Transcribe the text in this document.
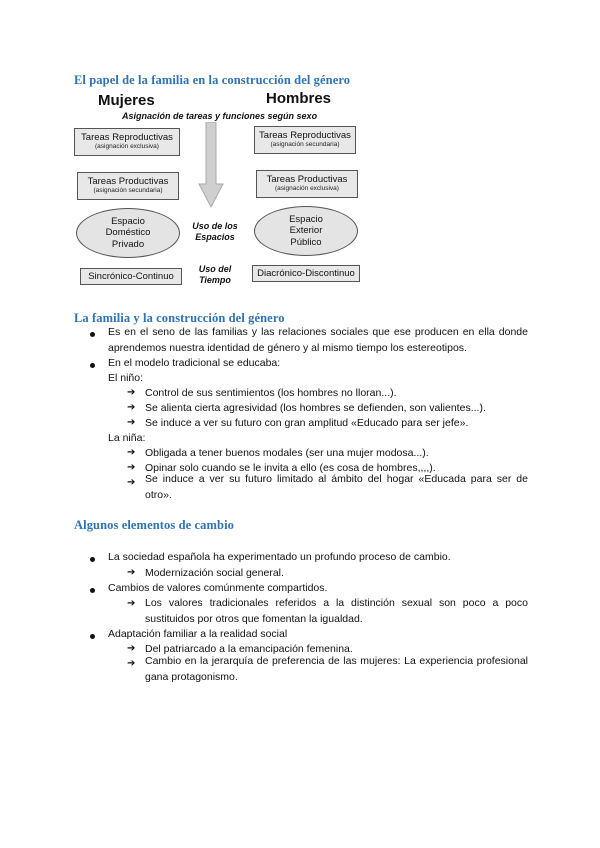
El papel de la familia en la construcción del género
Mujeres	Hombres
Asignación de tareas y funciones según sexo
Tareas Reproductivas
(asignación exclusiva)
Tareas Reproductivas
(asignación secundaria)
Tareas Productivas
(asignación secundaria)
Tareas Productivas
(asignación exclusiva)
Espacio
Doméstico
Privado
Espacio
Exterior
Público
Uso de los
Espacios
Uso del
Tiempo
Sincrónico-Continuo	Diacrónico-Discontinuo
La familia y la construcción del género
Es en el seno de las familias y las relaciones sociales que ese producen en ella donde aprendemos nuestra identidad de género y al mismo tiempo los estereotipos.
En el modelo tradicional se educaba:
El niño:
➔ Control de sus sentimientos (los hombres no lloran...).
➔ Se alienta cierta agresividad (los hombres se defienden, son valientes...).
➔ Se induce a ver su futuro con gran amplitud «Educado para ser jefe».
La niña:
➔ Obligada a tener buenos modales (ser una mujer modosa...).
➔ Opinar solo cuando se le invita a ello (es cosa de hombres,,,,).
➔ Se induce a ver su futuro limitado al ámbito del hogar «Educada para ser de otro».
Algunos elementos de cambio
La sociedad española ha experimentado un profundo proceso de cambio.
➔ Modernización social general.
Cambios de valores comúnmente compartidos.
➔ Los valores tradicionales referidos a la distinción sexual son poco a poco sustituidos por otros que fomentan la igualdad.
Adaptación familiar a la realidad social
➔ Del patriarcado a la emancipación femenina.
➔ Cambio en la jerarquía de preferencia de las mujeres: La experiencia profesional gana protagonismo.
